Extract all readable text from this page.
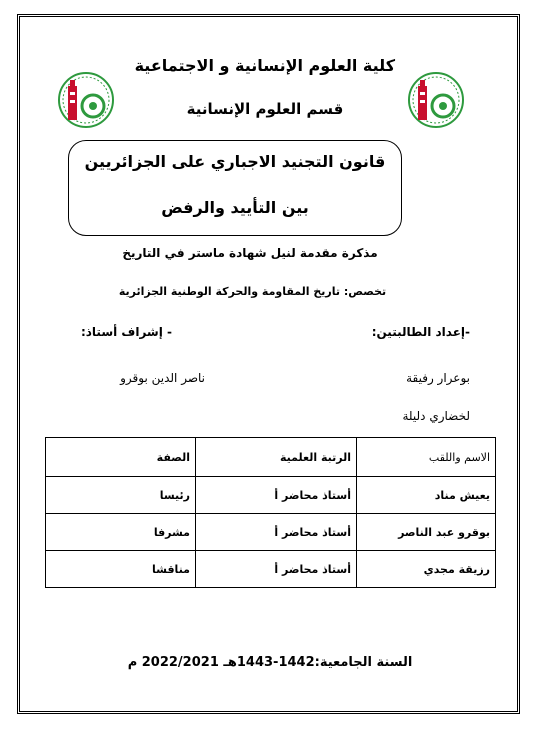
كلية العلوم الإنسانية و الاجتماعية
قسم العلوم الإنسانية
قانون التجنيد الاجباري على الجزائريين
بين التأييد والرفض
مذكرة مقدمة لنيل شهادة ماستر في التاريخ
تخصص: تاريخ المقاومة والحركة الوطنية الجزائرية
-إعداد الطالبتين:
- إشراف أستاذ:
بوعرار رفيقة
ناصر الدين بوقرو
لخضاري دليلة
الاسم واللقب	الرتبة العلمية	الصفة
يعيش مناد	أستاذ محاضر أ	رئيسا
بوقرو عبد الناصر	أستاذ محاضر أ	مشرفا
رزيقة مجدي	أستاذ محاضر أ	مناقشا
السنة الجامعية:1442-1443هـ 2022/2021 م
